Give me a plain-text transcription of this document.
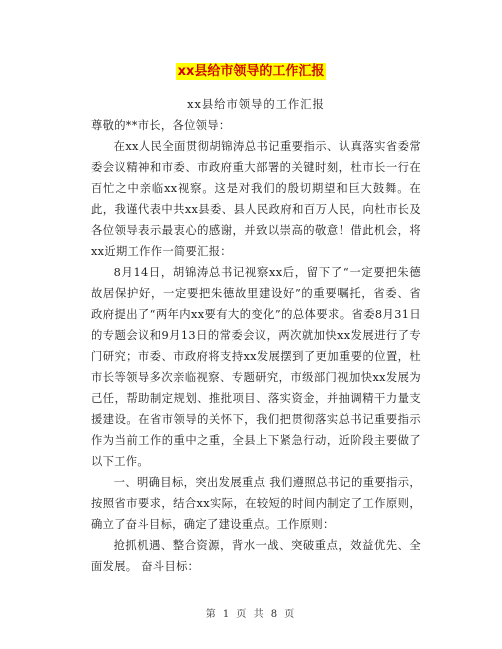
xx县给市领导的工作汇报

xx县给市领导的工作汇报

尊敬的**市长，各位领导：

在xx人民全面贯彻胡锦涛总书记重要指示、认真落实省委常委会议精神和市委、市政府重大部署的关键时刻，杜市长一行在百忙之中亲临xx视察。这是对我们的殷切期望和巨大鼓舞。在此，我谨代表中共xx县委、县人民政府和百万人民，向杜市长及各位领导表示最衷心的感谢，并致以崇高的敬意！借此机会，将xx近期工作作一简要汇报：

8月14日，胡锦涛总书记视察xx后，留下了“一定要把朱德故居保护好，一定要把朱德故里建设好”的重要嘱托，省委、省政府提出了“两年内xx要有大的变化”的总体要求。省委8月31日的专题会议和9月13日的常委会议，两次就加快xx发展进行了专门研究；市委、市政府将支持xx发展摆到了更加重要的位置，杜市长等领导多次亲临视察、专题研究，市级部门视加快xx发展为己任，帮助制定规划、推批项目、落实资金，并抽调精干力量支援建设。在省市领导的关怀下，我们把贯彻落实总书记重要指示作为当前工作的重中之重，全县上下紧急行动，近阶段主要做了以下工作。

一、明确目标，突出发展重点 我们遵照总书记的重要指示，按照省市要求，结合xx实际，在较短的时间内制定了工作原则，确立了奋斗目标，确定了建设重点。工作原则：

抢抓机遇、整合资源，背水一战、突破重点，效益优先、全面发展。 奋斗目标：

第 1 页 共 8 页
